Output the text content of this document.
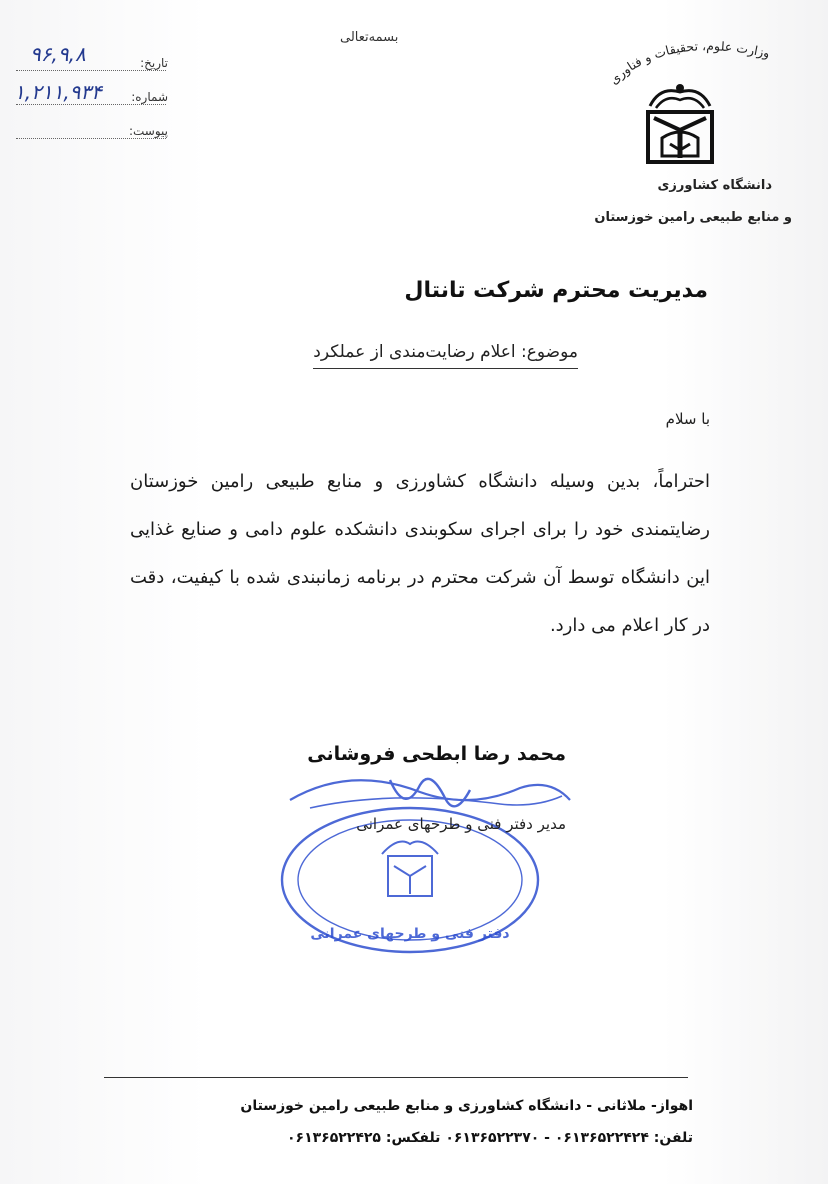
بسمه‌تعالی
وزارت علوم، تحقیقات و فناوری
دانشگاه کشاورزی
و منابع طبیعی رامین خوزستان
تاریخ:
شماره:
پیوست:
۹۶,۹,۸
۱,۲۱۱,۹۳۴
مدیریت محترم شرکت تانتال
موضوع: اعلام رضایت‌مندی از عملکرد
با سلام
احتراماً، بدین وسیله دانشگاه کشاورزی و منابع طبیعی رامین خوزستان رضایتمندی خود را برای اجرای سکوبندی دانشکده علوم دامی و صنایع غذایی این دانشگاه توسط آن شرکت محترم در برنامه زمانبندی شده با کیفیت، دقت در کار اعلام می دارد.
دفتر فنی و طرحهای عمرانی
محمد رضا ابطحی فروشانی
مدیر دفتر فنی و طرحهای عمرانی
اهواز- ملاثانی - دانشگاه کشاورزی و منابع طبیعی رامین خوزستان
تلفن: ۰۶۱۳۶۵۲۲۴۲۴ - ۰۶۱۳۶۵۲۲۳۷۰ تلفکس: ۰۶۱۳۶۵۲۲۴۲۵
